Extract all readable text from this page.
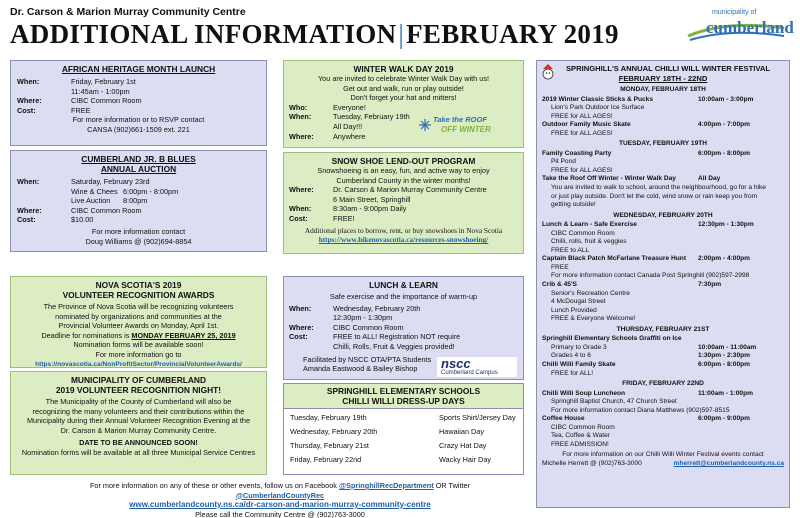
Dr. Carson & Marion Murray Community Centre
ADDITIONAL INFORMATION|FEBRUARY 2019
municipality of
cumberland
AFRICAN HERITAGE MONTH LAUNCH
When:	Friday, February 1st
11:45am - 1:00pm
Where:	CIBC Common Room
Cost:	FREE
For more information or to RSVP contact
CANSA (902)661-1509 ext. 221
CUMBERLAND JR. B BLUES
ANNUAL AUCTION
When:	Saturday, February 23rd
Wine & Chees 6:00pm - 8:00pm
Live Auction	8:00pm
Where:	CIBC Common Room
Cost:	$10.00
For more information contact
Doug Williams @ (902)694-8854
NOVA SCOTIA'S 2019
VOLUNTEER RECOGNITION AWARDS
The Province of Nova Scotia will be recognizing volunteers
nominated by organizations and communities at the
Provincial Volunteer Awards on Monday, April 1st.
Deadline for nominations is MONDAY FEBRUARY 25, 2019
Nomination forms will be available soon!
For more information go to
https://novascotia.ca/NonProfitSector/ProvincialVolunteerAwards/
MUNICIPALITY OF CUMBERLAND
2019 VOLUNTEER RECOGNITION NIGHT!
The Municipality of the County of Cumberland will also be
recognizing the many volunteers and their contributions within the
Municipality during their Annual Volunteer Recognition Evening at the
Dr. Carson & Marion Murray Community Centre.
DATE TO BE ANNOUNCED SOON!
Nomination forms will be available at all three Municipal Service Centres
WINTER WALK DAY 2019
You are invited to celebrate Winter Walk Day with us!
Get out and walk, run or play outside!
Don't forget your hat and mitters!
Who:	Everyone!
When:	Tuesday, February 19th
All Day!!!
Where:	Anywhere
Take the ROOF
OFF WINTER
SNOW SHOE LEND-OUT PROGRAM
Snowshoeing is an easy, fun, and active way to enjoy
Cumberland County in the winter months!
Where:	Dr. Carson & Marion Murray Community Centre
6 Main Street, Springhill
When:	8:30am - 9:00pm Daily
Cost:	FREE!
Additional places to borrow, rent, or buy snowshoes in Nova Scotia
https://www.hikenovascotia.ca/resources-snowshoeing/
LUNCH & LEARN
Safe exercise and the importance of warm-up
When:	Wednesday, February 20th
12:30pm - 1:30pm
Where:	CIBC Common Room
Cost:	FREE to ALL! Registration NOT require
Chilli, Rolls, Fruit & Veggies provided!
Facilitated by NSCC OTA/PTA Students
Amanda Eastwood & Bailey Bishop	nscc
Cumberland Campus
SPRINGHILL ELEMENTARY SCHOOLS
CHILLI WILLI DRESS-UP DAYS
Tuesday, February 19th	Sports Shirt/Jersey Day
Wednesday, February 20th	Hawaiian Day
Thursday, February 21st	Crazy Hat Day
Friday, February 22nd	Wacky Hair Day
SPRINGHILL'S ANNUAL CHILLI WILL WINTER FESTIVAL
FEBRUARY 18TH - 22ND
MONDAY, FEBRUARY 18TH
2019 Winter Classic Sticks & Pucks	10:00am - 3:00pm
Lion's Park Outdoor Ice Surface
FREE for ALL AGES!
Outdoor Family Music Skate	4:00pm - 7:00pm
FREE for ALL AGES!
TUESDAY, FEBRUARY 19TH
Family Coasting Party	6:00pm - 8:00pm
Pit Pond
FREE for ALL AGES!
Take the Roof Off Winter - Winter Walk Day	All Day
You are invited to walk to school, around the neighbourhood, go for a hike
or just play outside. Don't let the cold, wind snow or rain keep you from
getting outside!
WEDNESDAY, FEBRUARY 20TH
Lunch & Learn - Safe Exercise	12:30pm - 1:30pm
CIBC Common Room
Chilli, rolls, fruit & veggies
FREE to ALL
Captain Black Patch McFarlane Treasure Hunt 2:00pm - 4:00pm
FREE
For more information contact Canada Post Springhill (902)597-2998
Crib & 45'S	7:30pm
Senior's Recreation Centre
4 McDougal Street
Lunch Provided
FREE & Everyone Welcome!
THURSDAY, FEBRUARY 21ST
Springhill Elementary Schools Graffiti on Ice
Primary to Grade 3	10:00am - 11:00am
Grades 4 to 6	1:30pm - 2:30pm
Chilli Willi Family Skate	6:00pm - 8:00pm
FREE for ALL!
FRIDAY, FEBRUARY 22ND
Chilli Willi Soup Luncheon	11:00am - 1:00pm
Springhill Baptist Church, 47 Church Street
For more information contact Diana Matthews (902)597-8515
Coffee House	6:00pm - 9:00pm
CIBC Common Room
Tea, Coffee & Water
FREE ADMISSION!
For more information on our Chilli Willi Winter Festival events contact
Michelle Herrett @ (902)763-3000	mherrett@cumberlandcounty.ns.ca
For more information on any of these or other events, follow us on Facebook @SpringhillRecDepartment OR Twitter @CumberlandCountyRec
www.cumberlandcounty.ns.ca/dr-carson-and-marion-murray-community-centre
Please call the Community Centre @ (902)763-3000
